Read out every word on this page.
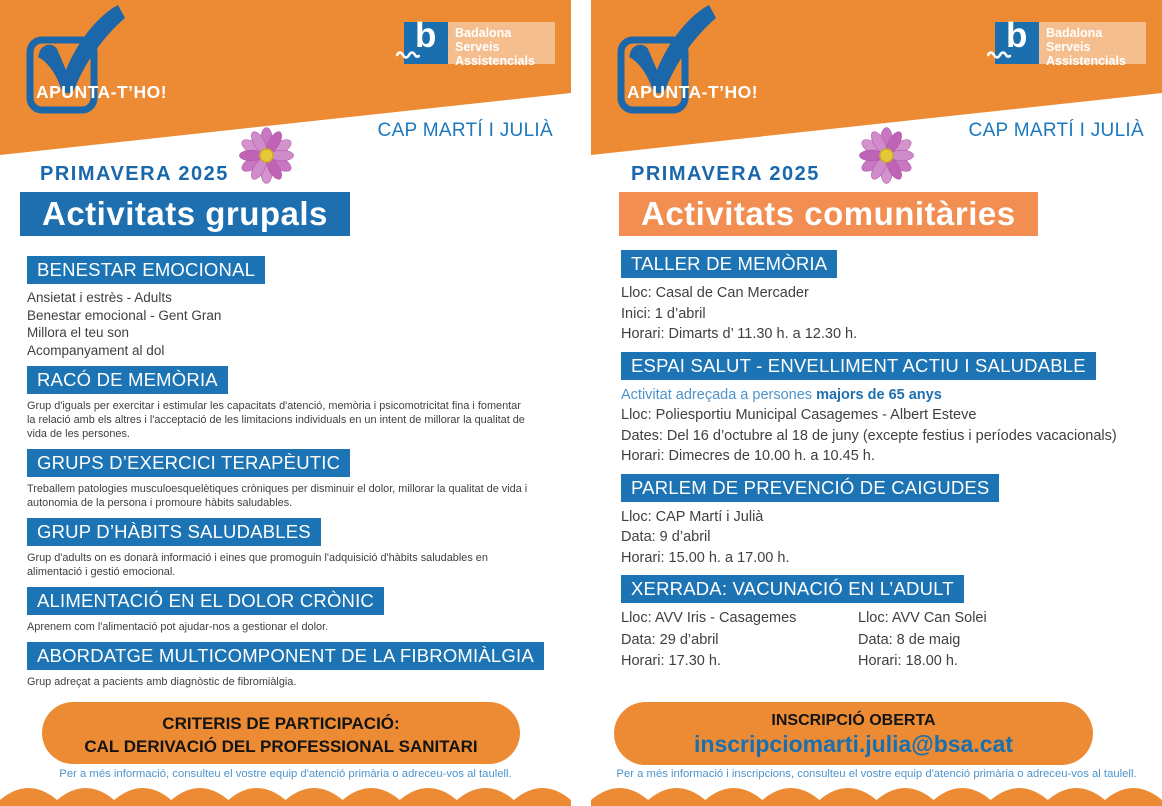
APUNTA-T’HO!
b Badalona
Serveis
Assistencials
CAP MARTÍ I JULIÀ
PRIMAVERA 2025
Activitats grupals
BENESTAR EMOCIONAL
Ansietat i estrès - Adults
Benestar emocional - Gent Gran
Millora el teu son
Acompanyament al dol
RACÓ DE MEMÒRIA
Grup d'iguals per exercitar i estimular les capacitats d'atenció, memòria i psicomotricitat fina i fomentar la relació amb els altres i l'acceptació de les limitacions individuals en un intent de millorar la qualitat de vida de les persones.
GRUPS D’EXERCICI TERAPÈUTIC
Treballem patologies musculoesquelètiques cròniques per disminuir el dolor, millorar la qualitat de vida i autonomia de la persona i promoure hàbits saludables.
GRUP D’HÀBITS SALUDABLES
Grup d'adults on es donarà informació i eines que promoguin l'adquisició d'hàbits saludables en alimentació i gestió emocional.
ALIMENTACIÓ EN EL DOLOR CRÒNIC
Aprenem com l'alimentació pot ajudar-nos a gestionar el dolor.
ABORDATGE MULTICOMPONENT DE LA FIBROMIÀLGIA
Grup adreçat a pacients amb diagnòstic de fibromiàlgia.
CRITERIS DE PARTICIPACIÓ:
CAL DERIVACIÓ DEL PROFESSIONAL SANITARI
Per a més informació, consulteu el vostre equip d'atenció primària o adreceu-vos al taulell.
APUNTA-T’HO!
b Badalona
Serveis
Assistencials
CAP MARTÍ I JULIÀ
PRIMAVERA 2025
Activitats comunitàries
TALLER DE MEMÒRIA
Lloc: Casal de Can Mercader
Inici: 1 d’abril
Horari: Dimarts d’ 11.30 h. a 12.30 h.
ESPAI SALUT - ENVELLIMENT ACTIU I SALUDABLE
Activitat adreçada a persones majors de 65 anys
Lloc: Poliesportiu Municipal Casagemes - Albert Esteve
Dates: Del 16 d’octubre al 18 de juny (excepte festius i períodes vacacionals)
Horari: Dimecres de 10.00 h. a 10.45 h.
PARLEM DE PREVENCIÓ DE CAIGUDES
Lloc: CAP Martí i Julià
Data: 9 d’abril
Horari: 15.00 h. a 17.00 h.
XERRADA: VACUNACIÓ EN L’ADULT
Lloc: AVV Iris - Casagemes
Data: 29 d’abril
Horari: 17.30 h.
Lloc: AVV Can Solei
Data: 8 de maig
Horari: 18.00 h.
INSCRIPCIÓ OBERTA
inscripciomarti.julia@bsa.cat
Per a més informació i inscripcions, consulteu el vostre equip d'atenció primària o adreceu-vos al taulell.
